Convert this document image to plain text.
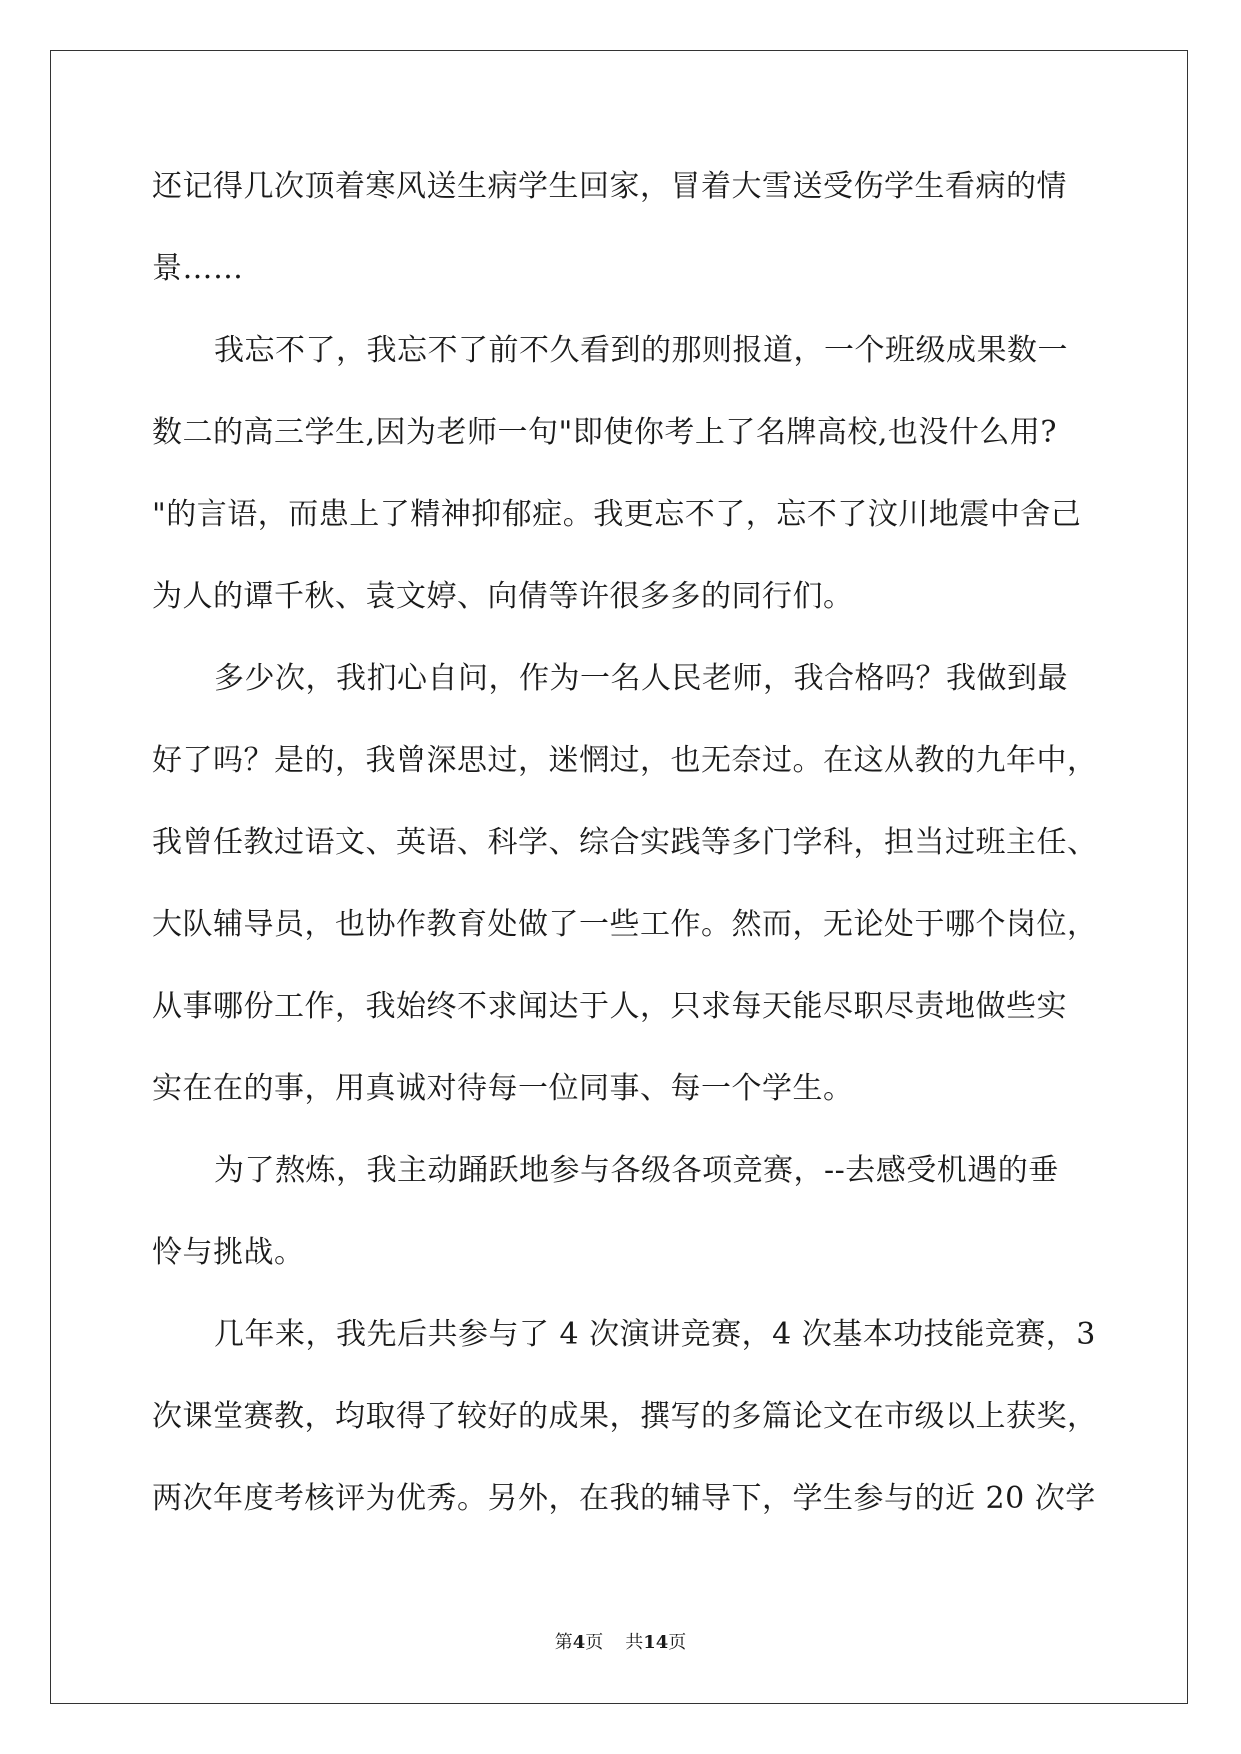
还记得几次顶着寒风送生病学生回家，冒着大雪送受伤学生看病的情
景……
我忘不了，我忘不了前不久看到的那则报道，一个班级成果数一
数二的高三学生,因为老师一句"即使你考上了名牌高校,也没什么用?
"的言语，而患上了精神抑郁症。我更忘不了，忘不了汶川地震中舍己
为人的谭千秋、袁文婷、向倩等许很多多的同行们。
多少次，我扪心自问，作为一名人民老师，我合格吗？我做到最
好了吗？是的，我曾深思过，迷惘过，也无奈过。在这从教的九年中，
我曾任教过语文、英语、科学、综合实践等多门学科，担当过班主任、
大队辅导员，也协作教育处做了一些工作。然而，无论处于哪个岗位，
从事哪份工作，我始终不求闻达于人，只求每天能尽职尽责地做些实
实在在的事，用真诚对待每一位同事、每一个学生。
为了熬炼，我主动踊跃地参与各级各项竞赛，--去感受机遇的垂
怜与挑战。
几年来，我先后共参与了 4 次演讲竞赛，4 次基本功技能竞赛，3
次课堂赛教，均取得了较好的成果，撰写的多篇论文在市级以上获奖，
两次年度考核评为优秀。另外，在我的辅导下，学生参与的近 20 次学
第4页 共14页
